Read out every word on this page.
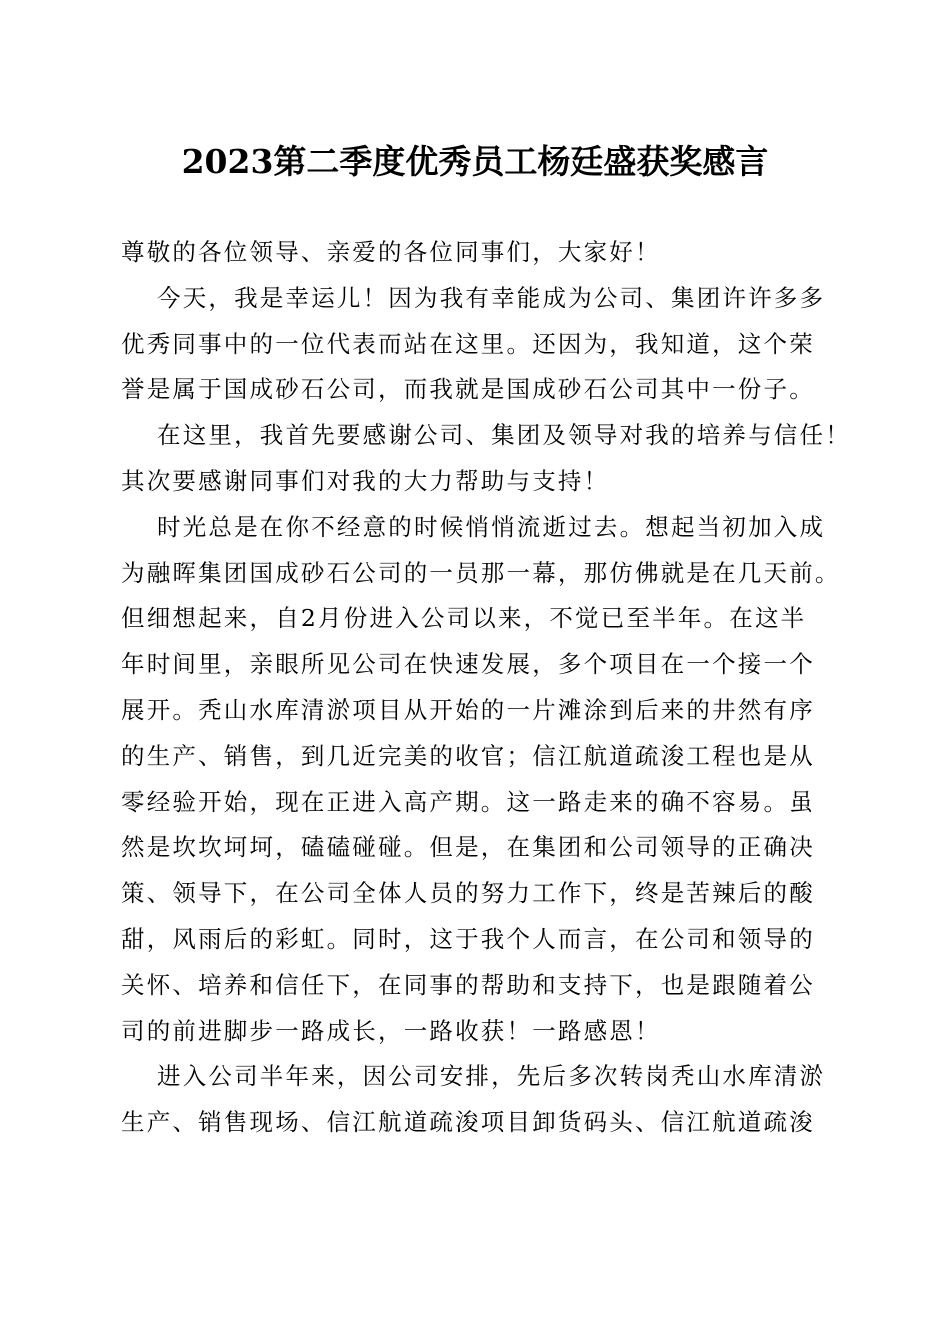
2023第二季度优秀员工杨廷盛获奖感言

尊敬的各位领导、亲爱的各位同事们，大家好！

今天，我是幸运儿！因为我有幸能成为公司、集团许许多多

优秀同事中的一位代表而站在这里。还因为，我知道，这个荣

誉是属于国成砂石公司，而我就是国成砂石公司其中一份子。

在这里，我首先要感谢公司、集团及领导对我的培养与信任！

其次要感谢同事们对我的大力帮助与支持！

时光总是在你不经意的时候悄悄流逝过去。想起当初加入成

为融晖集团国成砂石公司的一员那一幕，那仿佛就是在几天前。

但细想起来，自2月份进入公司以来，不觉已至半年。在这半

年时间里，亲眼所见公司在快速发展，多个项目在一个接一个

展开。秃山水库清淤项目从开始的一片滩涂到后来的井然有序

的生产、销售，到几近完美的收官；信江航道疏浚工程也是从

零经验开始，现在正进入高产期。这一路走来的确不容易。虽

然是坎坎坷坷，磕磕碰碰。但是，在集团和公司领导的正确决

策、领导下，在公司全体人员的努力工作下，终是苦辣后的酸

甜，风雨后的彩虹。同时，这于我个人而言，在公司和领导的

关怀、培养和信任下，在同事的帮助和支持下，也是跟随着公

司的前进脚步一路成长，一路收获！一路感恩！

进入公司半年来，因公司安排，先后多次转岗秃山水库清淤

生产、销售现场、信江航道疏浚项目卸货码头、信江航道疏浚
